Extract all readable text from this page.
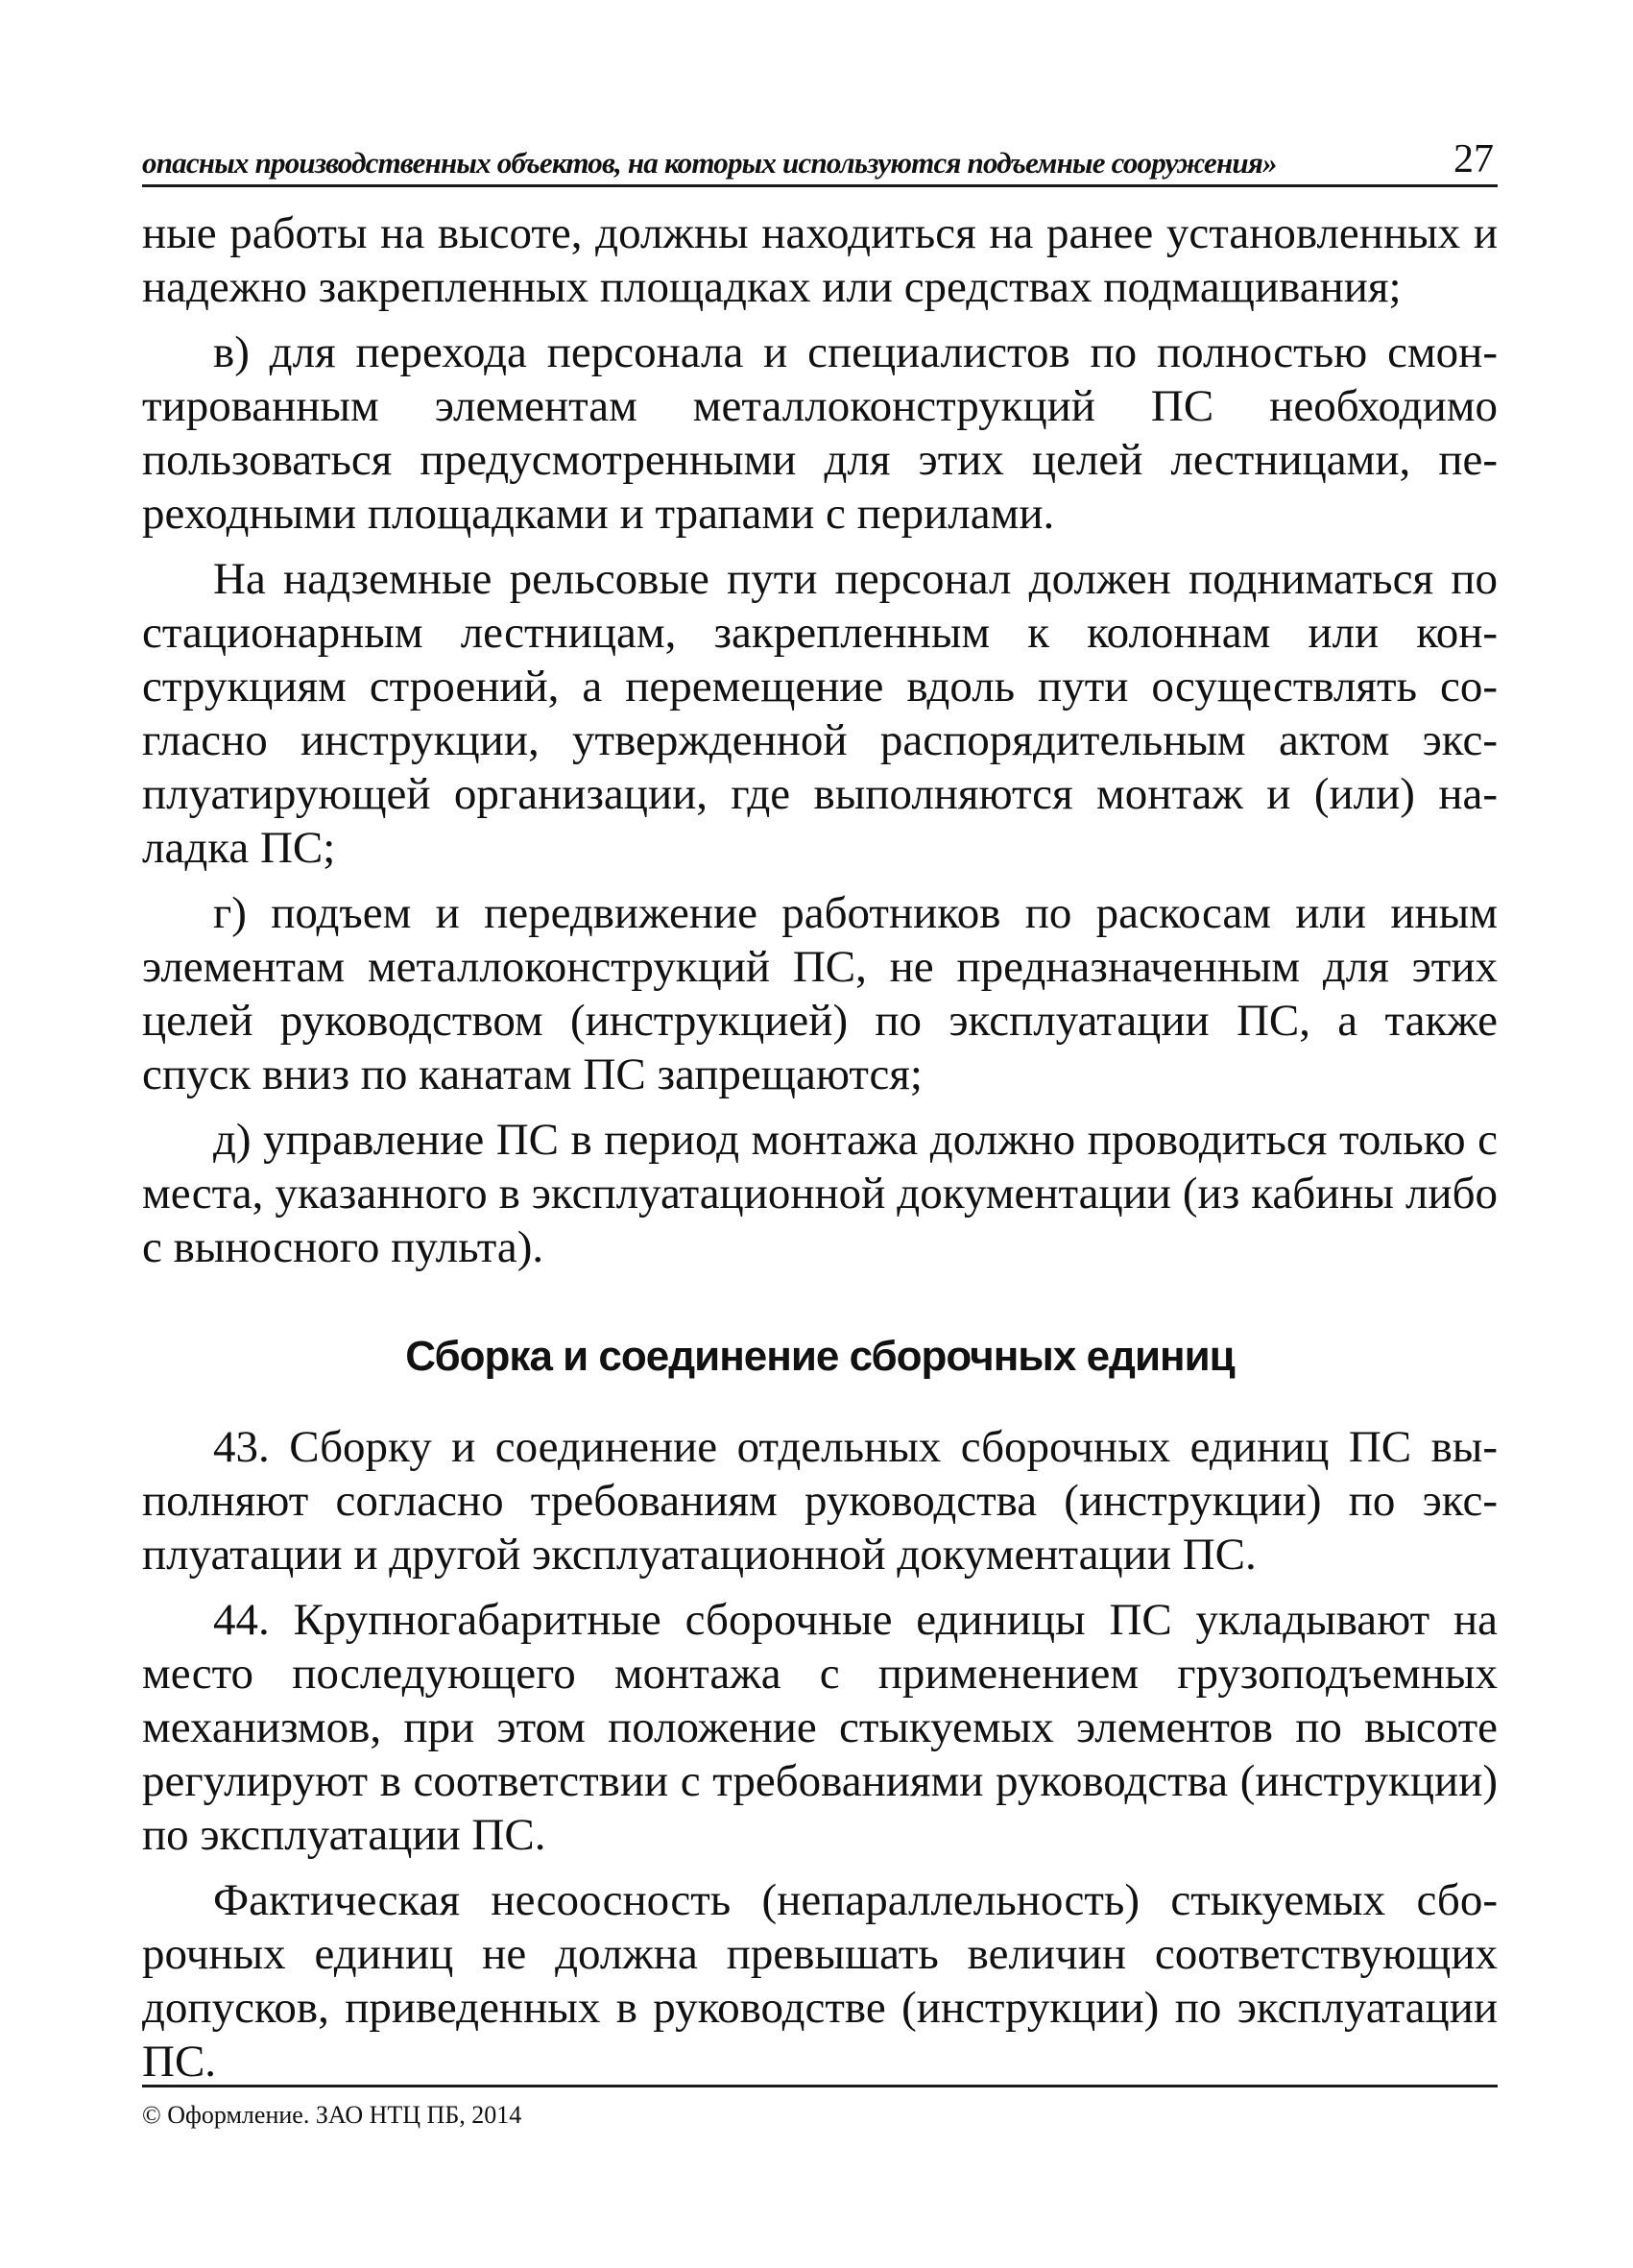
опасных производственных объектов, на которых используются подъемные сооружения»	27

ные работы на высоте, должны находиться на ранее установленных и надежно закрепленных площадках или средствах подмащивания;

в) для перехода персонала и специалистов по полностью смонтированным элементам металлоконструкций ПС необходимо пользоваться предусмотренными для этих целей лестницами, переходными площадками и трапами с перилами.

На надземные рельсовые пути персонал должен подниматься по стационарным лестницам, закрепленным к колоннам или конструкциям строений, а перемещение вдоль пути осуществлять согласно инструкции, утвержденной распорядительным актом эксплуатирующей организации, где выполняются монтаж и (или) наладка ПС;

г) подъем и передвижение работников по раскосам или иным элементам металлоконструкций ПС, не предназначенным для этих целей руководством (инструкцией) по эксплуатации ПС, а также спуск вниз по канатам ПС запрещаются;

д) управление ПС в период монтажа должно проводиться только с места, указанного в эксплуатационной документации (из кабины либо с выносного пульта).

Сборка и соединение сборочных единиц

43. Сборку и соединение отдельных сборочных единиц ПС выполняют согласно требованиям руководства (инструкции) по эксплуатации и другой эксплуатационной документации ПС.

44. Крупногабаритные сборочные единицы ПС укладывают на место последующего монтажа с применением грузоподъемных механизмов, при этом положение стыкуемых элементов по высоте регулируют в соответствии с требованиями руководства (инструкции) по эксплуатации ПС.

Фактическая несоосность (непараллельность) стыкуемых сборочных единиц не должна превышать величин соответствующих допусков, приведенных в руководстве (инструкции) по эксплуатации ПС.

© Оформление. ЗАО НТЦ ПБ, 2014
